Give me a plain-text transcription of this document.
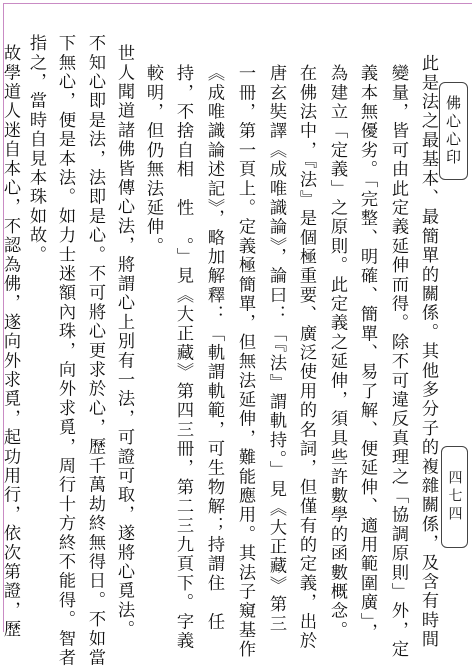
佛心心印
四七四
此是法之最基本、最簡單的關係。其他多分子的複雜關係，及含有時間
變量，皆可由此定義延伸而得。除不可違反真理之「協調原則」外，定
義本無優劣。「完整、明確、簡單、易了解、便延伸、適用範圍廣」，
為建立「定義」之原則。此定義之延伸，須具些許數學的函數概念。
在佛法中，『法』是個極重要、廣泛使用的名詞，但僅有的定義，出於
唐玄奘譯《成唯識論》，論曰：「『法』謂軌持。」見《大正藏》第三
一冊，第一頁上。定義極簡單，但無法延伸，難能應用。其法子窺基作
《成唯識論述記》，略加解釋：「軌謂軌範，可生物解；持謂住　任
持，不捨自相　性　。」見《大正藏》第四三冊，第二三九頁下。字義
較明，但仍無法延伸。
世人聞道諸佛皆傳心法，將謂心上別有一法，可證可取，遂將心覓法。
不知心即是法，法即是心。不可將心更求於心，歷千萬劫終無得日。不如當
下無心，便是本法。如力士迷額內珠，向外求覓，周行十方終不能得。智者
指之，當時自見本珠如故。
故學道人迷自本心，不認為佛，遂向外求覓，起功用行，依次第證，歷
